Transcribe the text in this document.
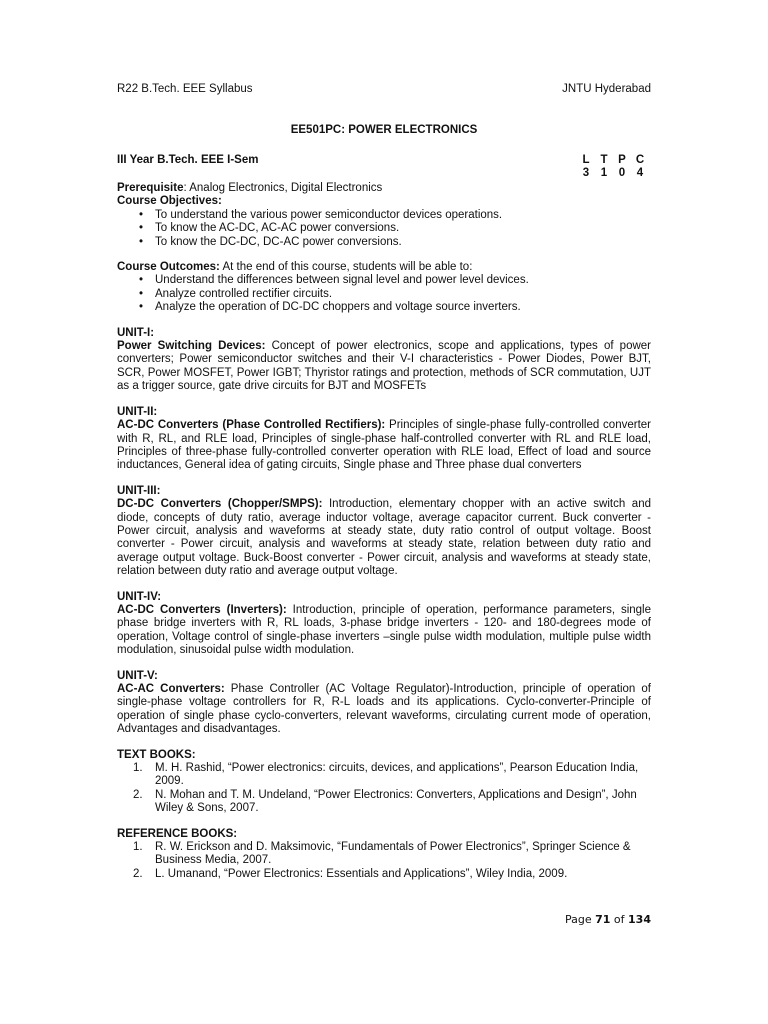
R22 B.Tech. EEE Syllabus	JNTU Hyderabad
EE501PC: POWER ELECTRONICS
III Year B.Tech. EEE I-Sem	L T P C
3	1	0	4

Prerequisite: Analog Electronics, Digital Electronics

Course Objectives:

• To understand the various power semiconductor devices operations.
• To know the AC-DC, AC-AC power conversions.
• To know the DC-DC, DC-AC power conversions.

Course Outcomes: At the end of this course, students will be able to:

• Understand the differences between signal level and power level devices.
• Analyze controlled rectifier circuits.
• Analyze the operation of DC-DC choppers and voltage source inverters.

UNIT-I:

Power Switching Devices: Concept of power electronics, scope and applications, types of power converters; Power semiconductor switches and their V-I characteristics - Power Diodes, Power BJT, SCR, Power MOSFET, Power IGBT; Thyristor ratings and protection, methods of SCR commutation, UJT as a trigger source, gate drive circuits for BJT and MOSFETs

UNIT-II:

AC-DC Converters (Phase Controlled Rectifiers): Principles of single-phase fully-controlled converter with R, RL, and RLE load, Principles of single-phase half-controlled converter with RL and RLE load, Principles of three-phase fully-controlled converter operation with RLE load, Effect of load and source inductances, General idea of gating circuits, Single phase and Three phase dual converters

UNIT-III:

DC-DC Converters (Chopper/SMPS): Introduction, elementary chopper with an active switch and diode, concepts of duty ratio, average inductor voltage, average capacitor current. Buck converter - Power circuit, analysis and waveforms at steady state, duty ratio control of output voltage. Boost converter - Power circuit, analysis and waveforms at steady state, relation between duty ratio and average output voltage. Buck-Boost converter - Power circuit, analysis and waveforms at steady state, relation between duty ratio and average output voltage.

UNIT-IV:

AC-DC Converters (Inverters): Introduction, principle of operation, performance parameters, single phase bridge inverters with R, RL loads, 3-phase bridge inverters - 120- and 180-degrees mode of operation, Voltage control of single-phase inverters –single pulse width modulation, multiple pulse width modulation, sinusoidal pulse width modulation.

UNIT-V:

AC-AC Converters: Phase Controller (AC Voltage Regulator)-Introduction, principle of operation of single-phase voltage controllers for R, R-L loads and its applications. Cyclo-converter-Principle of operation of single phase cyclo-converters, relevant waveforms, circulating current mode of operation, Advantages and disadvantages.

TEXT BOOKS:

1. M. H. Rashid, “Power electronics: circuits, devices, and applications”, Pearson Education India, 2009.
2. N. Mohan and T. M. Undeland, “Power Electronics: Converters, Applications and Design”, John Wiley & Sons, 2007.

REFERENCE BOOKS:

1. R. W. Erickson and D. Maksimovic, “Fundamentals of Power Electronics”, Springer Science & Business Media, 2007.
2. L. Umanand, “Power Electronics: Essentials and Applications”, Wiley India, 2009.
Page 71 of 134
